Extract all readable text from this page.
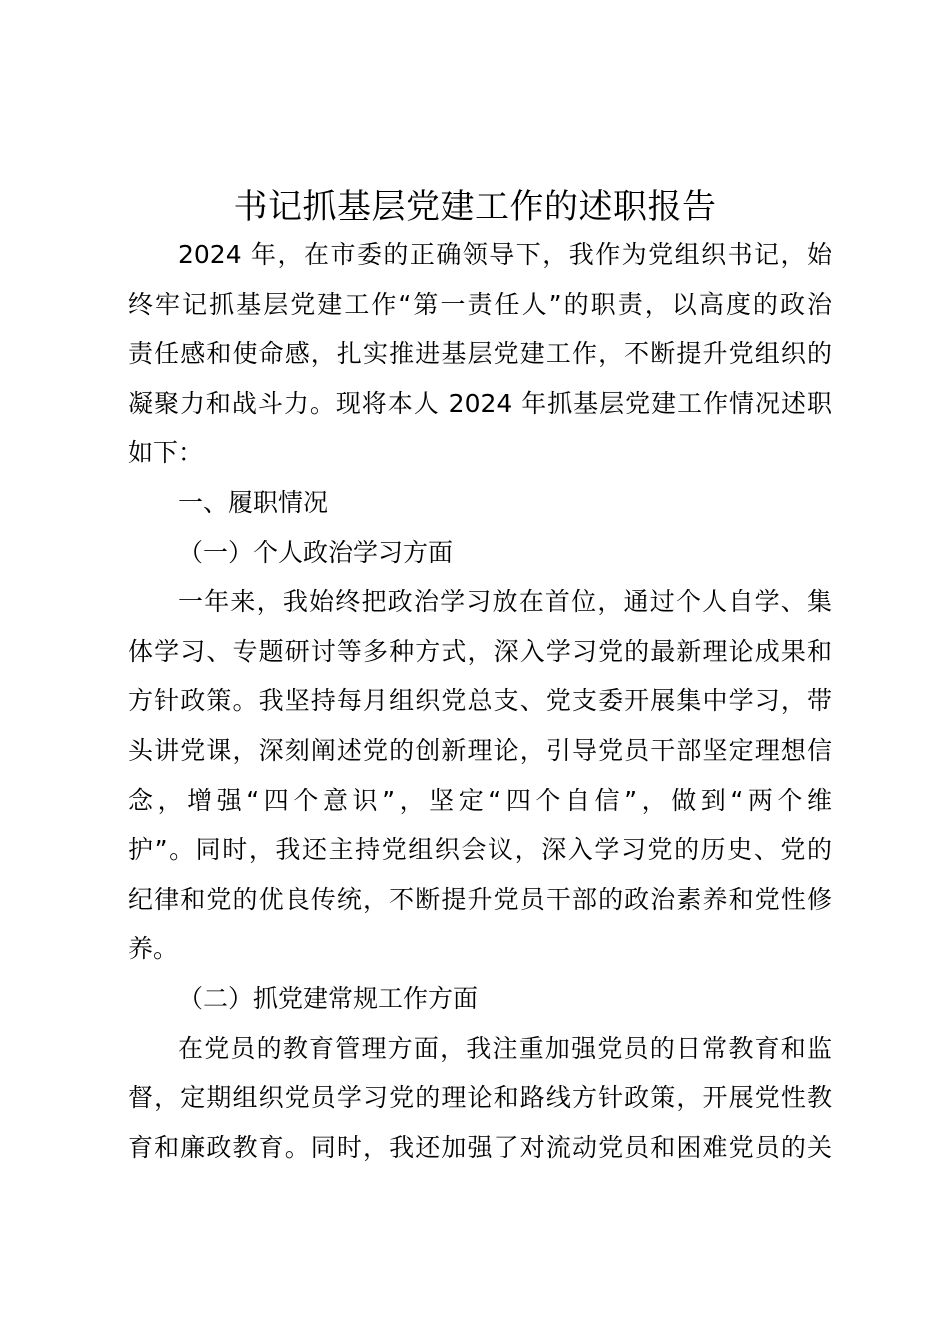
书记抓基层党建工作的述职报告
2024 年，在市委的正确领导下，我作为党组织书记，始
终牢记抓基层党建工作“第一责任人”的职责，以高度的政治
责任感和使命感，扎实推进基层党建工作，不断提升党组织的
凝聚力和战斗力。现将本人 2024 年抓基层党建工作情况述职
如下：
一、履职情况
（一）个人政治学习方面
一年来，我始终把政治学习放在首位，通过个人自学、集
体学习、专题研讨等多种方式，深入学习党的最新理论成果和
方针政策。我坚持每月组织党总支、党支委开展集中学习，带
头讲党课，深刻阐述党的创新理论，引导党员干部坚定理想信
念，增强“四个意识”，坚定“四个自信”，做到“两个维
护”。同时，我还主持党组织会议，深入学习党的历史、党的
纪律和党的优良传统，不断提升党员干部的政治素养和党性修
养。
（二）抓党建常规工作方面
在党员的教育管理方面，我注重加强党员的日常教育和监
督，定期组织党员学习党的理论和路线方针政策，开展党性教
育和廉政教育。同时，我还加强了对流动党员和困难党员的关
